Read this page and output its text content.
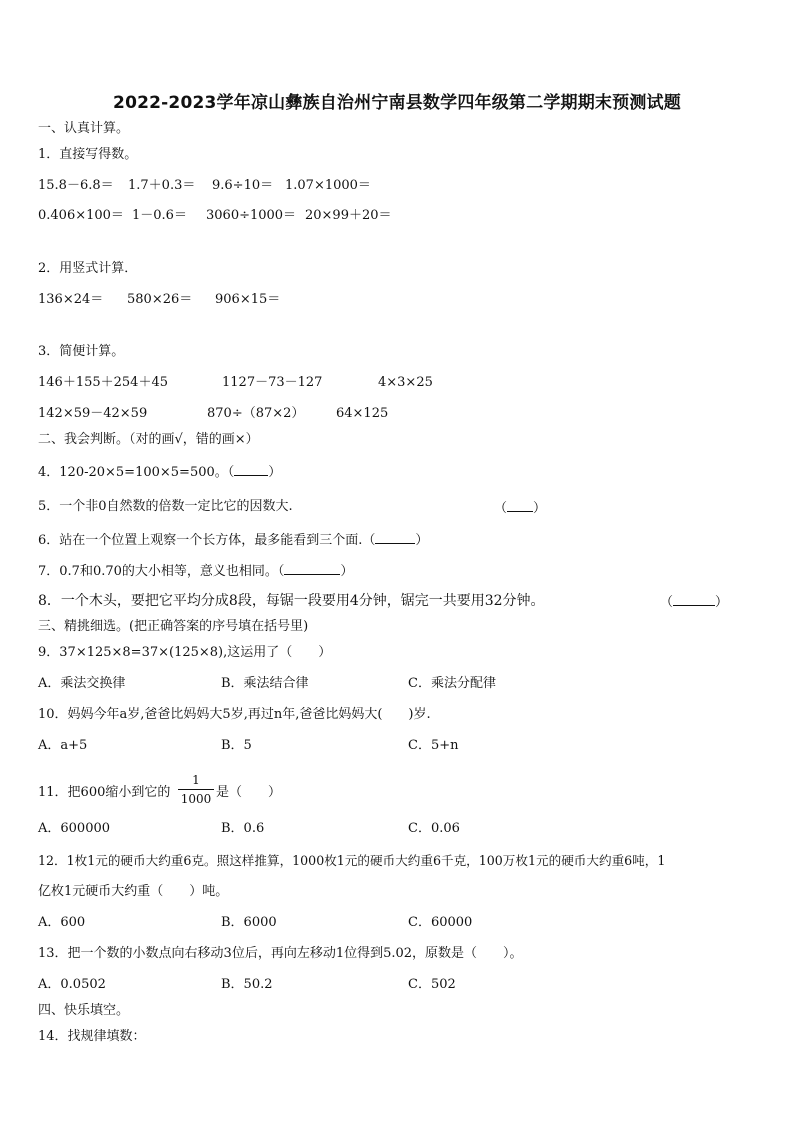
2022-2023学年凉山彝族自治州宁南县数学四年级第二学期期末预测试题
一、认真计算。
1．直接写得数。
15.8－6.8＝ 1.7＋0.3＝ 9.6÷10＝ 1.07×1000＝
0.406×100＝ 1－0.6＝ 3060÷1000＝ 20×99＋20＝
2．用竖式计算．
136×24＝ 580×26＝ 906×15＝
3．简便计算。
146＋155＋254＋45	1127－73－127	4×3×25
142×59－42×59	870÷（87×2） 64×125
二、我会判断。（对的画√，错的画×）
4．120-20×5=100×5=500。（	）
5．一个非0自然数的倍数一定比它的因数大.	（ ）
6．站在一个位置上观察一个长方体，最多能看到三个面.（	）
7．0.7和0.70的大小相等，意义也相同。（	）
8．一个木头，要把它平均分成8段，每锯一段要用4分钟，锯完一共要用32分钟。	（	）
三、精挑细选。(把正确答案的序号填在括号里)
9．37×125×8=37×(125×8),这运用了（　　）
A．乘法交换律	B．乘法结合律	C．乘法分配律
10．妈妈今年a岁,爸爸比妈妈大5岁,再过n年,爸爸比妈妈大(　　)岁.
A．a+5	B．5	C．5+n
11．把600缩小到它的
1
1000 是（　　）
A．600000	B．0.6	C．0.06
12．1枚1元的硬币大约重6克。照这样推算，1000枚1元的硬币大约重6千克，100万枚1元的硬币大约重6吨，1
亿枚1元硬币大约重（　　）吨。
A．600	B．6000	C．60000
13．把一个数的小数点向右移动3位后，再向左移动1位得到5.02，原数是（　　）。
A．0.0502	B．50.2	C．502
四、快乐填空。
14．找规律填数：
